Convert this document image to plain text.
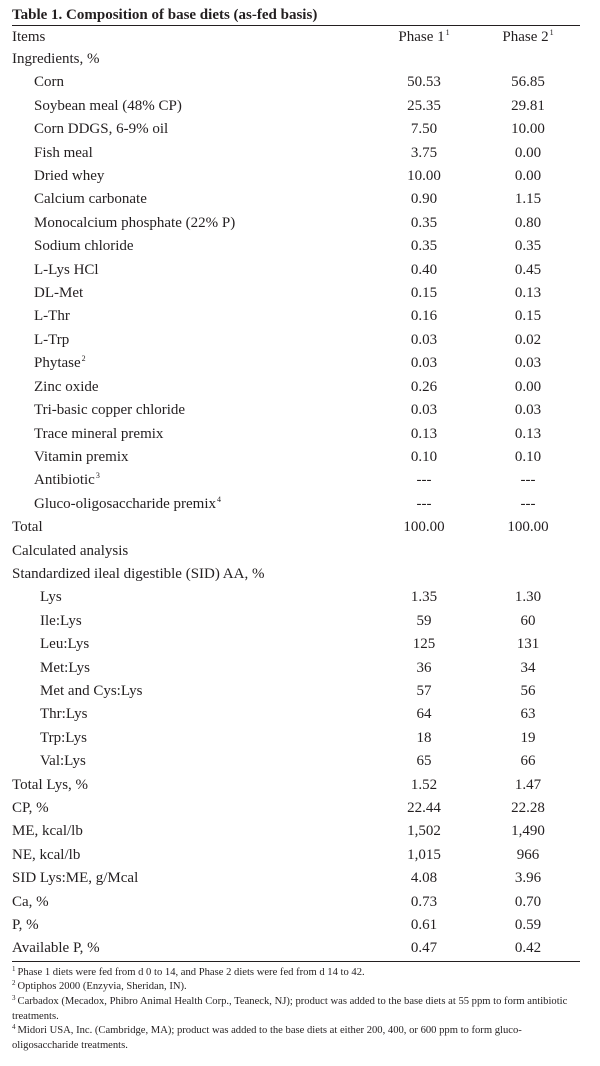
Table 1. Composition of base diets (as-fed basis)
Items	Phase $1^1$	Phase $2^1$
Ingredients, %		
Corn	50.53	56.85
Soybean meal (48% CP)	25.35	29.81
Corn DDGS, 6-9% oil	7.50	10.00
Fish meal	3.75	0.00
Dried whey	10.00	0.00
Calcium carbonate	0.90	1.15
Monocalcium phosphate (22% P)	0.35	0.80
Sodium chloride	0.35	0.35
L-Lys HCl	0.40	0.45
DL-Met	0.15	0.13
L-Thr	0.16	0.15
L-Trp	0.03	0.02
Phytase$^2$	0.03	0.03
Zinc oxide	0.26	0.00
Tri-basic copper chloride	0.03	0.03
Trace mineral premix	0.13	0.13
Vitamin premix	0.10	0.10
Antibiotic$^3$	---	---
Gluco-oligosaccharide premix$^4$	---	---
Total	100.00	100.00
Calculated analysis		
Standardized ileal digestible (SID) AA, %		
Lys	1.35	1.30
Ile:Lys	59	60
Leu:Lys	125	131
Met:Lys	36	34
Met and Cys:Lys	57	56
Thr:Lys	64	63
Trp:Lys	18	19
Val:Lys	65	66
Total Lys, %	1.52	1.47
CP, %	22.44	22.28
ME, kcal/lb	1,502	1,490
NE, kcal/lb	1,015	966
SID Lys:ME, g/Mcal	4.08	3.96
Ca, %	0.73	0.70
P, %	0.61	0.59
Available P, %	0.47	0.42
$^1$ Phase 1 diets were fed from d 0 to 14, and Phase 2 diets were fed from d 14 to 42.
$^2$ Optiphos 2000 (Enzyvia, Sheridan, IN).
$^3$ Carbadox (Mecadox, Phibro Animal Health Corp., Teaneck, NJ); product was added to the base diets at 55 ppm to form antibiotic treatments.
$^4$ Midori USA, Inc. (Cambridge, MA); product was added to the base diets at either 200, 400, or 600 ppm to form gluco-oligosaccharide treatments.
